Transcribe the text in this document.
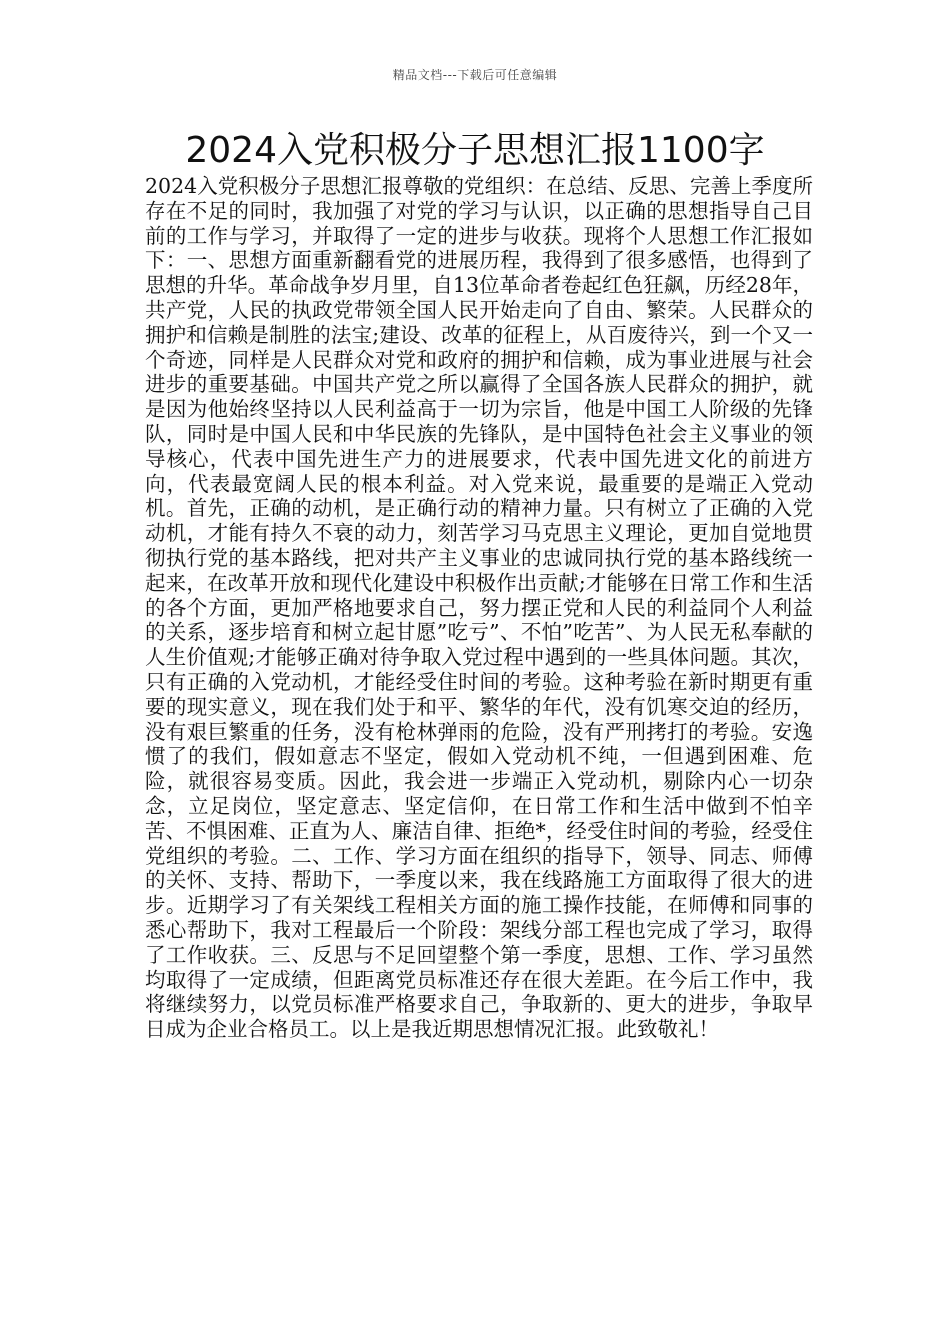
精品文档---下载后可任意编辑
2024入党积极分子思想汇报1100字

2024入党积极分子思想汇报尊敬的党组织：在总结、反思、完善上季度所存在不足的同时，我加强了对党的学习与认识，以正确的思想指导自己目前的工作与学习，并取得了一定的进步与收获。现将个人思想工作汇报如下：一、思想方面重新翻看党的进展历程，我得到了很多感悟，也得到了思想的升华。革命战争岁月里，自13位革命者卷起红色狂飙，历经28年，共产党，人民的执政党带领全国人民开始走向了自由、繁荣。人民群众的拥护和信赖是制胜的法宝;建设、改革的征程上，从百废待兴，到一个又一个奇迹，同样是人民群众对党和政府的拥护和信赖，成为事业进展与社会进步的重要基础。中国共产党之所以赢得了全国各族人民群众的拥护，就是因为他始终坚持以人民利益高于一切为宗旨，他是中国工人阶级的先锋队，同时是中国人民和中华民族的先锋队，是中国特色社会主义事业的领导核心，代表中国先进生产力的进展要求，代表中国先进文化的前进方向，代表最宽阔人民的根本利益。对入党来说，最重要的是端正入党动机。首先，正确的动机，是正确行动的精神力量。只有树立了正确的入党动机，才能有持久不衰的动力，刻苦学习马克思主义理论，更加自觉地贯彻执行党的基本路线，把对共产主义事业的忠诚同执行党的基本路线统一起来，在改革开放和现代化建设中积极作出贡献;才能够在日常工作和生活的各个方面，更加严格地要求自己，努力摆正党和人民的利益同个人利益的关系，逐步培育和树立起甘愿”吃亏”、不怕”吃苦”、为人民无私奉献的人生价值观;才能够正确对待争取入党过程中遇到的一些具体问题。其次，只有正确的入党动机，才能经受住时间的考验。这种考验在新时期更有重要的现实意义，现在我们处于和平、繁华的年代，没有饥寒交迫的经历，没有艰巨繁重的任务，没有枪林弹雨的危险，没有严刑拷打的考验。安逸惯了的我们，假如意志不坚定，假如入党动机不纯，一但遇到困难、危险，就很容易变质。因此，我会进一步端正入党动机，剔除内心一切杂念，立足岗位，坚定意志、坚定信仰，在日常工作和生活中做到不怕辛苦、不惧困难、正直为人、廉洁自律、拒绝*，经受住时间的考验，经受住党组织的考验。二、工作、学习方面在组织的指导下，领导、同志、师傅的关怀、支持、帮助下，一季度以来，我在线路施工方面取得了很大的进步。近期学习了有关架线工程相关方面的施工操作技能，在师傅和同事的悉心帮助下，我对工程最后一个阶段：架线分部工程也完成了学习，取得了工作收获。三、反思与不足回望整个第一季度，思想、工作、学习虽然均取得了一定成绩，但距离党员标准还存在很大差距。在今后工作中，我将继续努力，以党员标准严格要求自己，争取新的、更大的进步，争取早日成为企业合格员工。以上是我近期思想情况汇报。此致敬礼！
